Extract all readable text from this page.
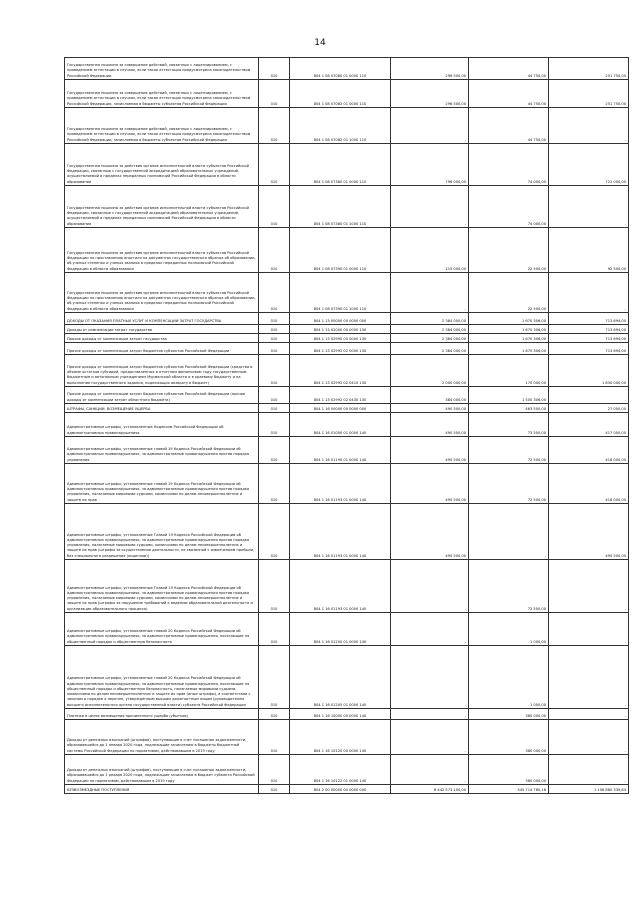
14
Государственная пошлина за совершение действий, связанных с лицензированием, с проведением аттестации в случаях, если такая аттестация предусмотрена законодательством Российской Федерации	010	804 1 08 07080 01 0000 110	296 500,00	44 750,00	251 750,00
Государственная пошлина за совершение действий, связанных с лицензированием, с проведением аттестации в случаях, если такая аттестация предусмотрена законодательством Российской Федерации, зачисляемая в бюджеты субъектов Российской Федерации	010	804 1 08 07082 01 0000 110	296 500,00	44 750,00	251 750,00
Государственная пошлина за совершение действий, связанных с лицензированием, с проведением аттестации в случаях, если такая аттестация предусмотрена законодательством Российской Федерации, зачисляемая в бюджеты субъектов Российской Федерации	010	804 1 08 07082 01 1000 110	-	44 750,00	-
Государственная пошлина за действия органов исполнительной власти субъектов Российской Федерации, связанные с государственной аккредитацией образовательных учреждений, осуществляемой в пределах переданных полномочий Российской Федерации в области образования	010	804 1 08 07380 01 0000 110	796 000,00	74 000,00	721 000,00
Государственная пошлина за действия органов исполнительной власти субъектов Российской Федерации, связанные с государственной аккредитацией образовательных учреждений, осуществляемой в пределах переданных полномочий Российской Федерации в области образования	010	804 1 08 07380 01 1000 110	-	74 000,00	-
Государственная пошлина за действия органов исполнительной власти субъектов Российской Федерации по проставлению апостиля на документах государственного образца об образовании, об ученых степенях и ученых званиях в пределах переданных полномочий Российской Федерации в области образования	010	804 1 08 07390 01 0000 110	115 000,00	22 500,00	92 500,00
Государственная пошлина за действия органов исполнительной власти субъектов Российской Федерации по проставлению апостиля на документах государственного образца об образовании, об ученых степенях и ученых званиях в пределах переданных полномочий Российской Федерации в области образования	010	804 1 08 07390 01 1000 110	-	22 500,00	-
ДОХОДЫ ОТ ОКАЗАНИЯ ПЛАТНЫХ УСЛУГ И КОМПЕНСАЦИИ ЗАТРАТ ГОСУДАРСТВА	010	804 1 13 00000 00 0000 000	2 384 000,00	1 670 306,00	713 694,00
Доходы от компенсации затрат государства	010	804 1 13 02000 00 0000 130	2 384 000,00	1 670 306,00	713 694,00
Прочие доходы от компенсации затрат государства	010	804 1 13 02990 00 0000 130	2 384 000,00	1 670 306,00	713 694,00
Прочие доходы от компенсации затрат бюджетов субъектов Российской Федерации	010	804 1 13 02992 02 0000 130	2 384 000,00	1 670 306,00	713 694,00
Прочие доходы от компенсации затрат бюджетов субъектов Российской Федерации (средства в объеме остатков субсидий, предоставленных в отчетном финансовом году государственным бюджетным и автономным учреждениям Мурманской области и в краевому бюджету и на выполнение государственного задания, подлежащих возврату в бюджет)	010	804 1 13 02992 02 0410 130	2 000 000,00	170 000,00	1 830 000,00
Прочие доходы от компенсации затрат бюджетов субъектов Российской Федерации (прочие доходы от компенсации затрат областного бюджета)	010	804 1 13 02992 02 0430 130	384 000,00	1 500 306,00	-
ШТРАФЫ, САНКЦИИ, ВОЗМЕЩЕНИЕ УЩЕРБА	010	804 1 16 00000 00 0000 000	490 500,00	463 500,00	27 000,00
Административные штрафы, установленные Кодексом Российской Федерации об административных правонарушениях	010	804 1 16 01000 01 0000 140	490 500,00	73 500,00	417 000,00
Административные штрафы, установленные главой 19 Кодекса Российской Федерации об административных правонарушениях, за административные правонарушения против порядка управления	010	804 1 16 01190 01 0000 140	490 500,00	72 500,00	418 000,00
Административные штрафы, установленные главой 19 Кодекса Российской Федерации об административных правонарушениях, за административные правонарушения против порядка управления, налагаемые мировыми судьями, комиссиями по делам несовершеннолетних и защите их прав	010	804 1 16 01193 01 0000 140	490 500,00	72 500,00	418 000,00
Административные штрафы, установленные Главой 19 Кодекса Российской Федерации об административных правонарушениях, за административные правонарушения против порядка управления, налагаемые мировыми судьями, комиссиями по делам несовершеннолетних и защите их прав (штрафы за осуществление деятельности, не связанной с извлечением прибыли, без специального разрешения (лицензии))	010	804 1 16 01193 01 0000 140	490 500,00	-	490 500,00
Административные штрафы, установленные Главой 19 Кодекса Российской Федерации об административных правонарушениях, за административные правонарушения против порядка управления, налагаемые мировыми судьями, комиссиями по делам несовершеннолетних и защите их прав (штрафы за нарушение требований к ведению образовательной деятельности и организации образовательного процесса)	010	804 1 16 01193 01 0000 140	-	72 500,00	-
Административные штрафы, установленные главой 20 Кодекса Российской Федерации об административных правонарушениях, за административные правонарушения, посягающие на общественный порядок и общественную безопасность	010	804 1 16 01200 01 0000 140	-	1 000,00	-
Административные штрафы, установленные главой 20 Кодекса Российской Федерации об административных правонарушениях, за административные правонарушения, посягающие на общественный порядок и общественную безопасность, налагаемые мировыми судьями, комиссиями по делам несовершеннолетних и защите их прав (иные штрафы), в соответствии с законом о порядке о перечне, утверждённым высшим должностным лицом (руководителем высшего исполнительного органа государственной власти) субъекта Российской Федерации	010	804 1 16 01205 01 0000 140	-	1 000,00	-
Платежи в целях возмещения причиненного ущерба (убытков)	010	804 1 16 10000 00 0000 140	-	380 000,00	-
Доходы от денежных взысканий (штрафов), поступающие в счет погашения задолженности, образовавшейся до 1 января 2020 года, подлежащие зачислению в бюджеты бюджетной системы Российской Федерации по нормативам, действовавшим в 2019 году	010	804 1 16 10120 00 0000 140	-	380 000,00	-
Доходы от денежных взысканий (штрафов), поступающие в счет погашения задолженности, образовавшейся до 1 января 2020 года, подлежащие зачислению в бюджет субъекта Российской Федерации по нормативам, действовавшим в 2019 году	010	804 1 16 10122 01 0000 140	-	380 000,00	-
БЕЗВОЗМЕЗДНЫЕ ПОСТУПЛЕНИЯ	010	804 2 00 00000 00 0000 000	8 442 573 100,00	345 714 760,16	1 106 880 339,84
